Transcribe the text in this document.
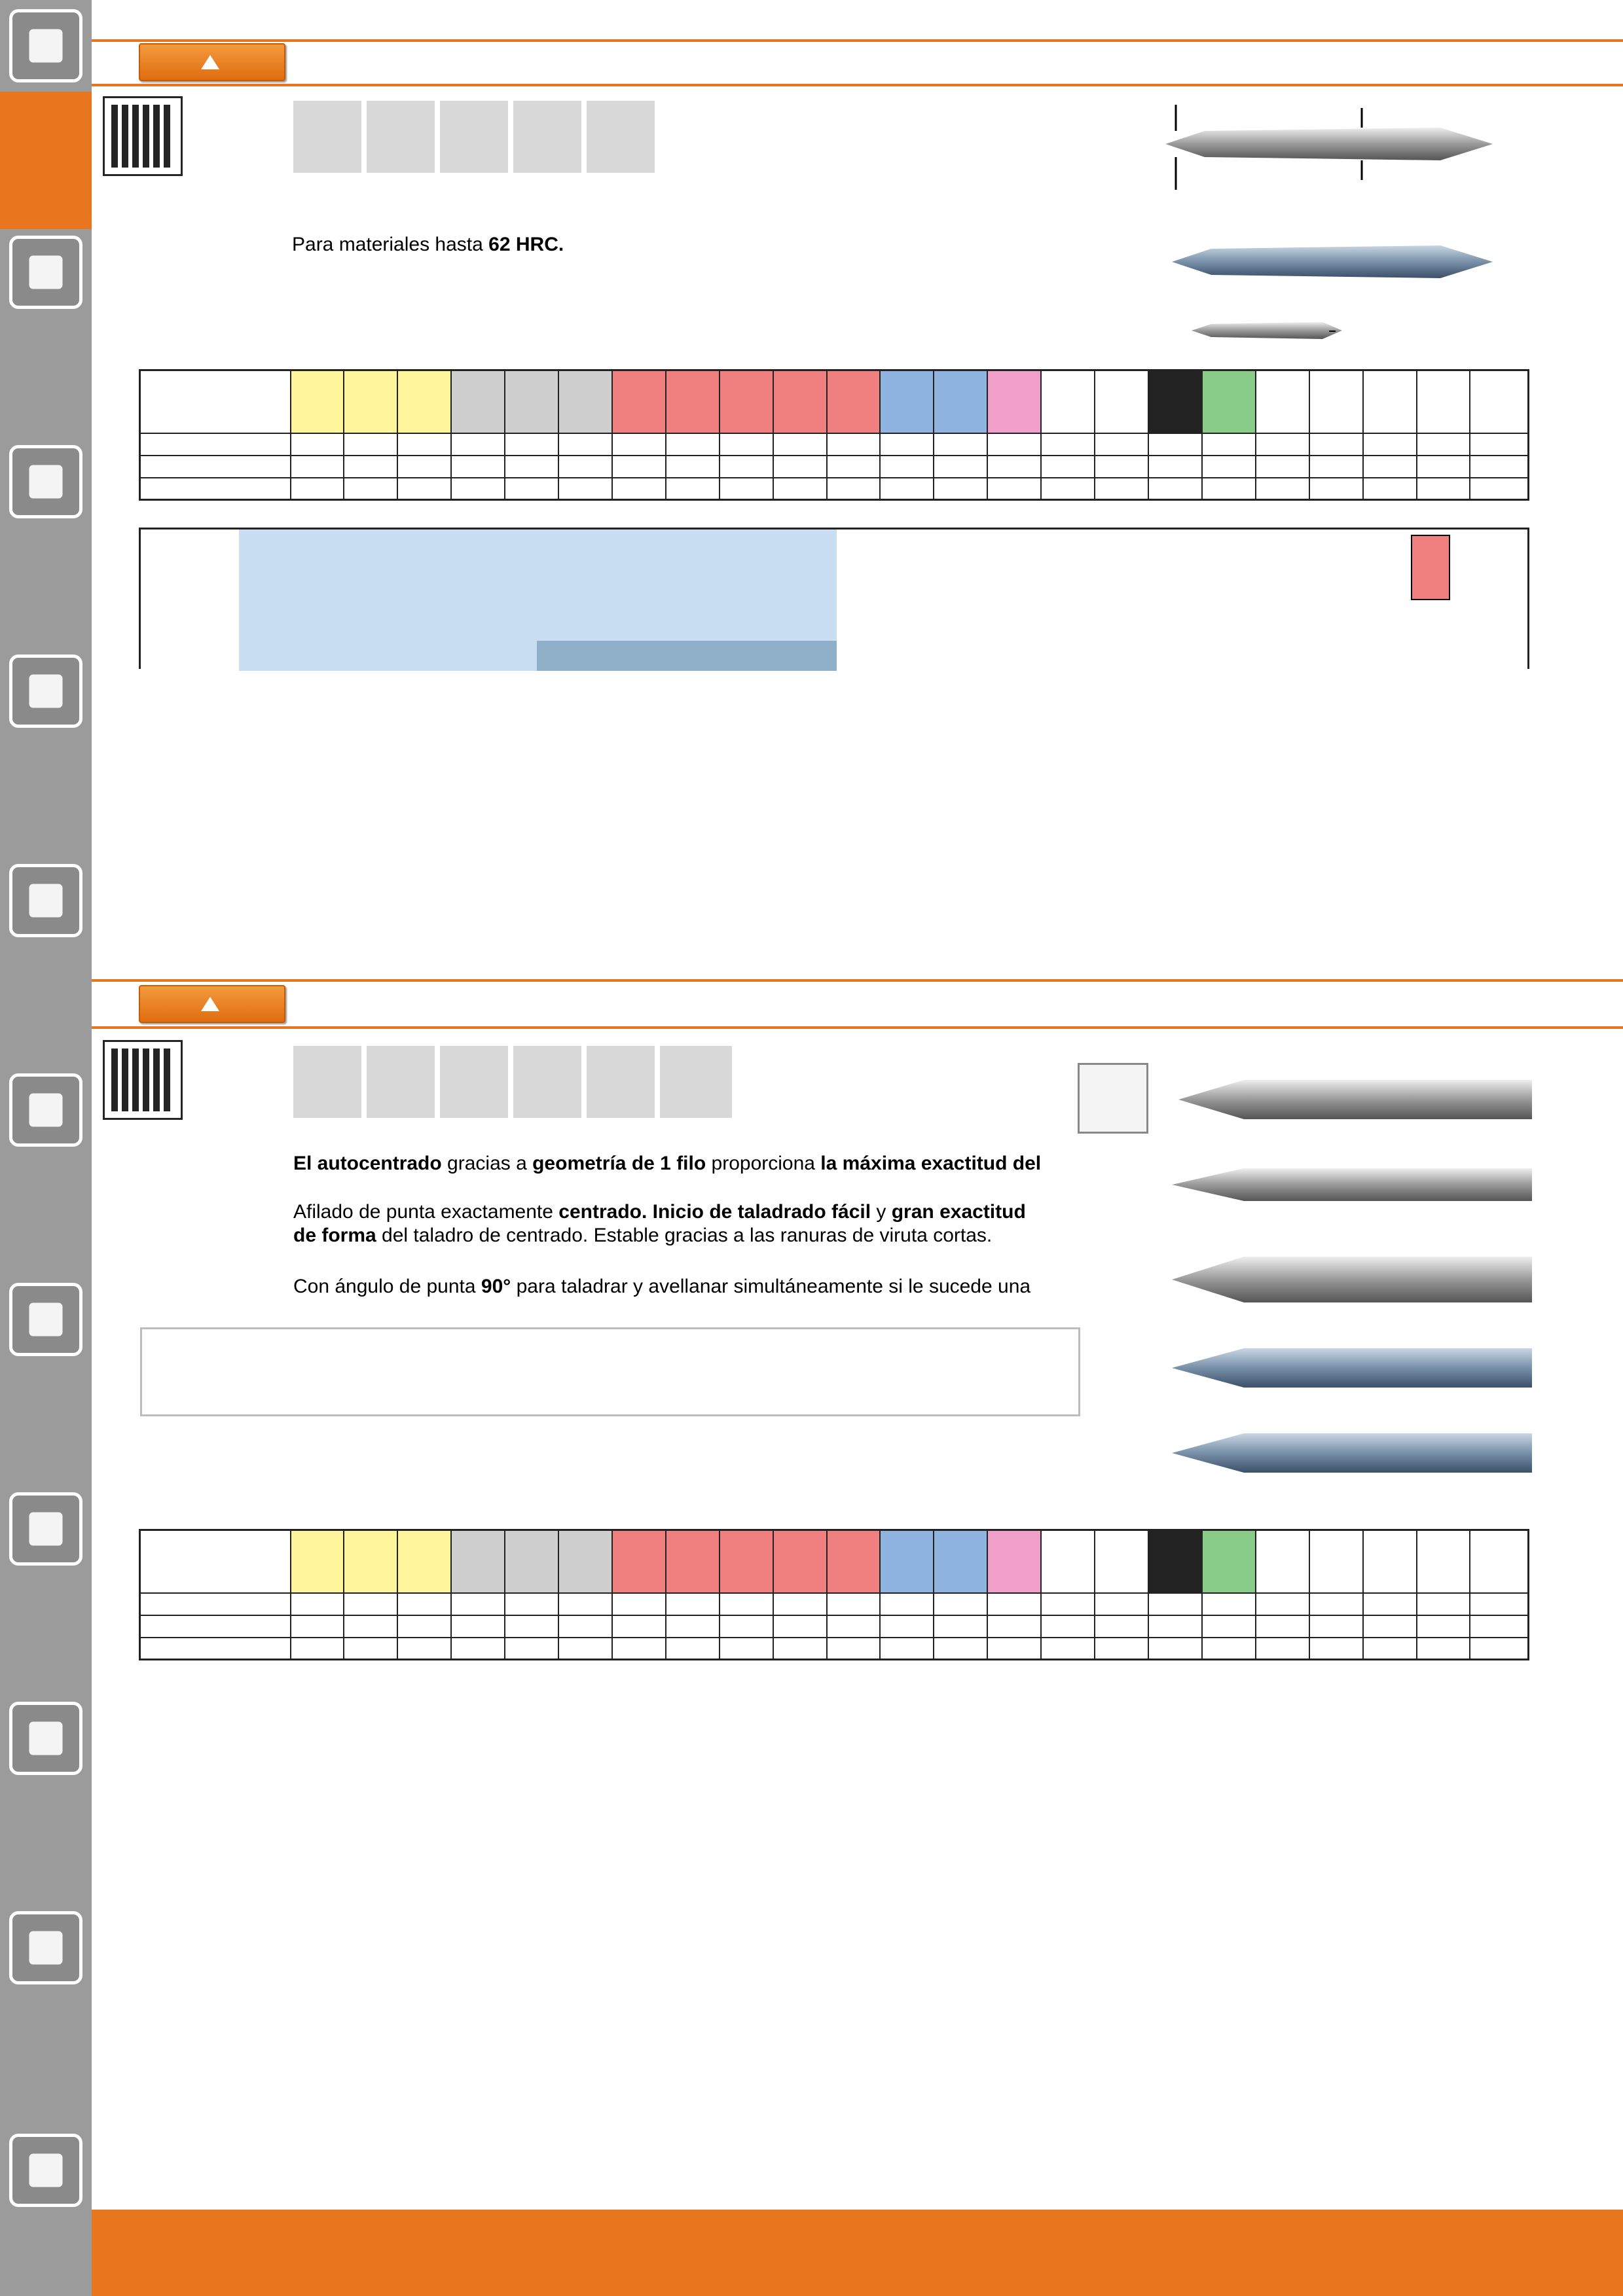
Para materiales hasta 62 HRC.

El autocentrado gracias a geometría de 1 filo proporciona la máxima exactitud del
Afilado de punta exactamente centrado. Inicio de taladrado fácil y gran exactitud
de forma del taladro de centrado. Estable gracias a las ranuras de viruta cortas.
Con ángulo de punta 90° para taladrar y avellanar simultáneamente si le sucede una
